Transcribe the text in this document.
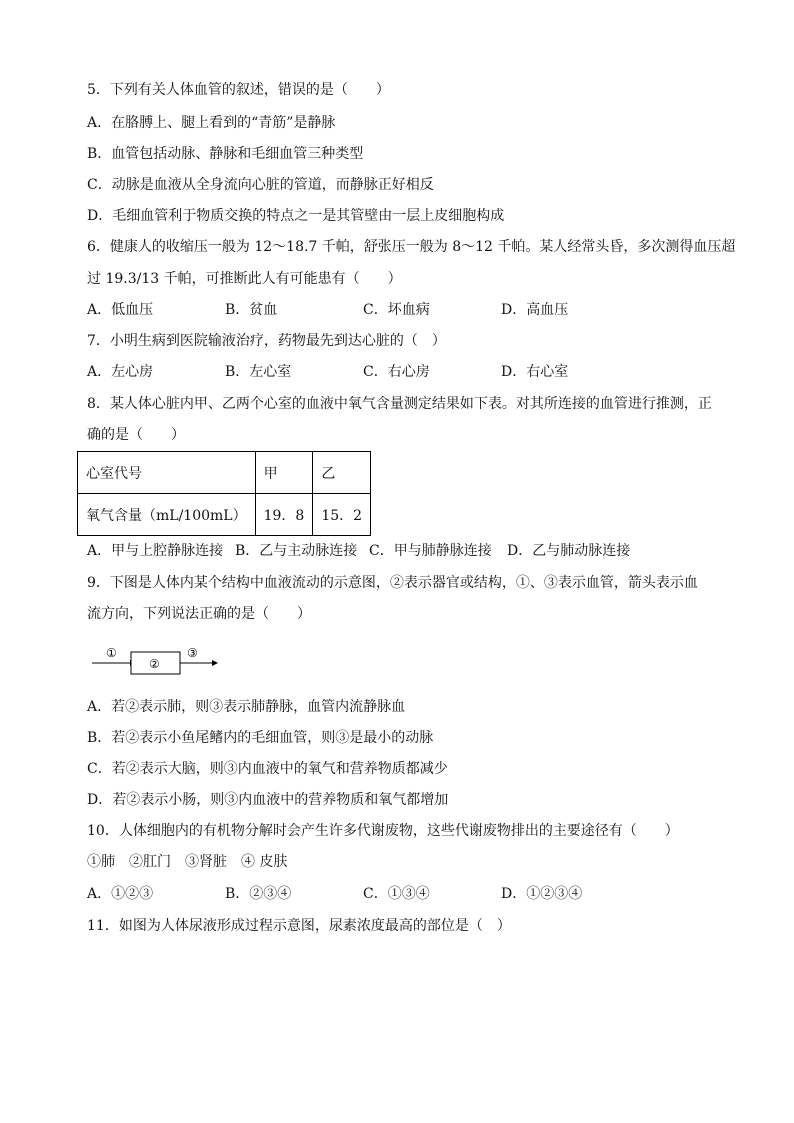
5．下列有关人体血管的叙述，错误的是（　　）
A．在胳膊上、腿上看到的“青筋”是静脉
B．血管包括动脉、静脉和毛细血管三种类型
C．动脉是血液从全身流向心脏的管道，而静脉正好相反
D．毛细血管利于物质交换的特点之一是其管壁由一层上皮细胞构成
6．健康人的收缩压一般为 12～18.7 千帕，舒张压一般为 8～12 千帕。某人经常头昏，多次测得血压超
过 19.3/13 千帕，可推断此人有可能患有（　　）
A．低血压	B．贫血	C．坏血病	D．高血压
7．小明生病到医院输液治疗，药物最先到达心脏的（　）
A．左心房	B．左心室	C．右心房	D．右心室
8．某人体心脏内甲、乙两个心室的血液中氧气含量测定结果如下表。对其所连接的血管进行推测，正
确的是（　　）
心室代号	甲	乙
氧气含量（mL/100mL）	19．8	15．2
A．甲与上腔静脉连接 B．乙与主动脉连接 C．甲与肺静脉连接 D．乙与肺动脉连接
9．下图是人体内某个结构中血液流动的示意图，②表示器官或结构，①、③表示血管，箭头表示血
流方向，下列说法正确的是（　　）
①
②
③
A．若②表示肺，则③表示肺静脉，血管内流静脉血
B．若②表示小鱼尾鳍内的毛细血管，则③是最小的动脉
C．若②表示大脑，则③内血液中的氧气和营养物质都减少
D．若②表示小肠，则③内血液中的营养物质和氧气都增加
10．人体细胞内的有机物分解时会产生许多代谢废物，这些代谢废物排出的主要途径有（　　）
①肺　②肛门　③肾脏　④ 皮肤
A．①②③	B．②③④	C．①③④	D．①②③④
11．如图为人体尿液形成过程示意图，尿素浓度最高的部位是（　）
